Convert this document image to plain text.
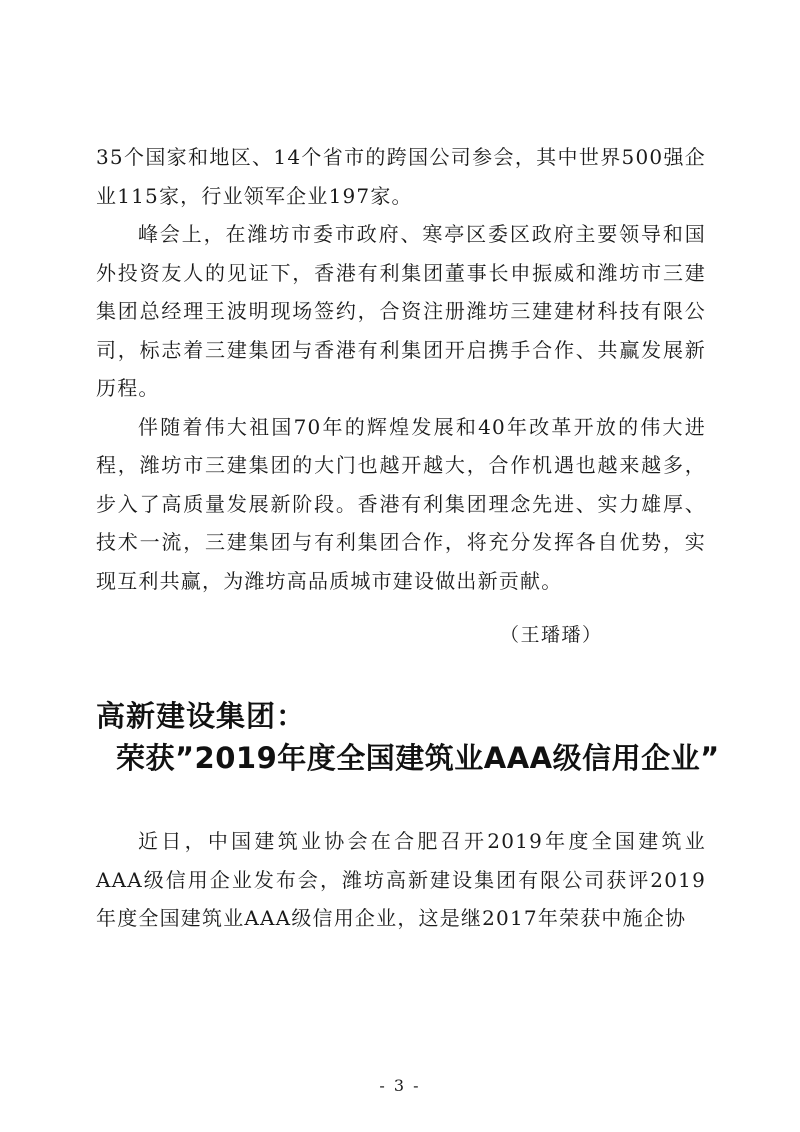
35个国家和地区、14个省市的跨国公司参会，其中世界500强企业115家，行业领军企业197家。

峰会上，在潍坊市委市政府、寒亭区委区政府主要领导和国外投资友人的见证下，香港有利集团董事长申振威和潍坊市三建集团总经理王波明现场签约，合资注册潍坊三建建材科技有限公司，标志着三建集团与香港有利集团开启携手合作、共赢发展新历程。

伴随着伟大祖国70年的辉煌发展和40年改革开放的伟大进程，潍坊市三建集团的大门也越开越大，合作机遇也越来越多，步入了高质量发展新阶段。香港有利集团理念先进、实力雄厚、技术一流，三建集团与有利集团合作，将充分发挥各自优势，实现互利共赢，为潍坊高品质城市建设做出新贡献。

（王璠璠）
高新建设集团：
荣获”2019年度全国建筑业AAA级信用企业”

近日，中国建筑业协会在合肥召开2019年度全国建筑业AAA级信用企业发布会，潍坊高新建设集团有限公司获评2019年度全国建筑业AAA级信用企业，这是继2017年荣获中施企协

- 3 -
